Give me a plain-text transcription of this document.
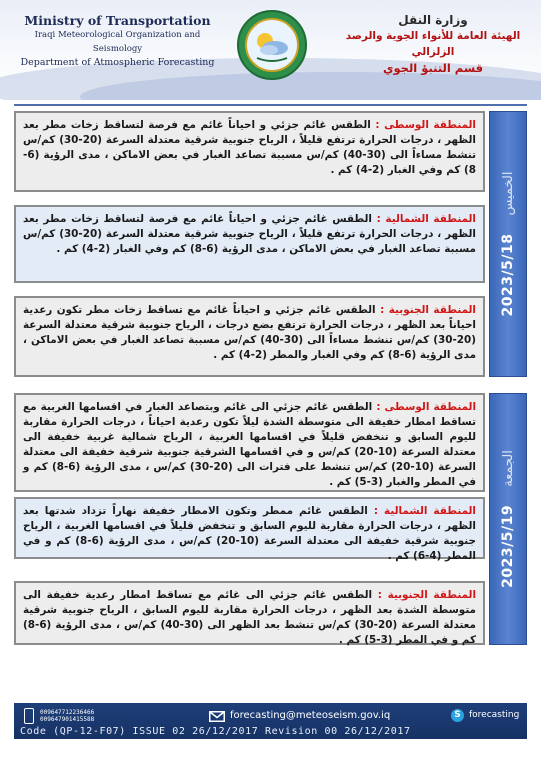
Ministry of Transportation
Iraqi Meteorological Organization and Seismology
Department of Atmospheric Forecasting
وزارة النقل
الهيئة العامة للأنواء الجوية والرصد الزلزالي
قسم التنبؤ الجوي
2023/5/18
الخميس
المنطقة الوسطى : الطقس غائم جزئي و احياناً غائم مع فرصة لتساقط زخات مطر بعد الظهر ، درجات الحرارة ترتفع قليلاً ، الرياح جنوبية شرقية معتدلة السرعة (20-30) كم/س تنشط مساءاً الى (30-40) كم/س مسببة تصاعد الغبار في بعض الاماكن ، مدى الرؤية (6-8) كم وفي الغبار (2-4) كم .
المنطقة الشمالية : الطقس غائم جزئي و احياناً غائم مع فرصة لتساقط زخات مطر بعد الظهر ، درجات الحرارة ترتفع قليلاً ، الرياح جنوبية شرقية معتدلة السرعة (20-30) كم/س مسببة تصاعد الغبار في بعض الاماكن ، مدى الرؤية (6-8) كم وفي الغبار (2-4) كم .
المنطقة الجنوبية : الطقس غائم جزئي و احياناً غائم مع تساقط زخات مطر تكون رعدية احياناً بعد الظهر ، درجات الحرارة ترتفع بضع درجات ، الرياح جنوبية شرقية معتدلة السرعة (20-30) كم/س تنشط مساءاً الى (30-40) كم/س مسببة تصاعد الغبار في بعض الاماكن ، مدى الرؤية (6-8) كم وفي الغبار والمطر (2-4) كم .
2023/5/19
الجمعة
المنطقة الوسطى : الطقس غائم جزئي الى غائم وبتصاعد الغبار في اقسامها الغربية مع تساقط امطار خفيفة الى متوسطة الشدة ليلاً تكون رعدية احياناً ، درجات الحرارة مقاربة لليوم السابق و تنخفض قليلاً في اقسامها الغربية ، الرياح شمالية غربية خفيفة الى معتدلة السرعة (10-20) كم/س و في اقسامها الشرقية جنوبية شرقية خفيفة الى معتدلة السرعة (10-20) كم/س تنشط على فترات الى (20-30) كم/س ، مدى الرؤية (6-8) كم و في المطر والغبار (3-5) كم .
المنطقة الشمالية : الطقس غائم ممطر وتكون الامطار خفيفة نهاراً تزداد شدتها بعد الظهر ، درجات الحرارة مقاربة لليوم السابق و تنخفض قليلاً في اقسامها الغربية ، الرياح جنوبية شرقية خفيفة الى معتدلة السرعة (10-20) كم/س ، مدى الرؤية (6-8) كم و في المطر (4-6) كم .
المنطقة الجنوبية : الطقس غائم جزئي الى غائم مع تساقط امطار رعدية خفيفة الى متوسطة الشدة بعد الظهر ، درجات الحرارة مقاربة لليوم السابق ، الرياح جنوبية شرقية معتدلة السرعة (20-30) كم/س تنشط بعد الظهر الى (30-40) كم/س ، مدى الرؤية (6-8) كم و في المطر (3-5) كم .
009647712236466
009647901415588	forecasting@meteoseism.gov.iq	S forecasting
Code (QP-12-F07) ISSUE 02 26/12/2017 Revision 00 26/12/2017
